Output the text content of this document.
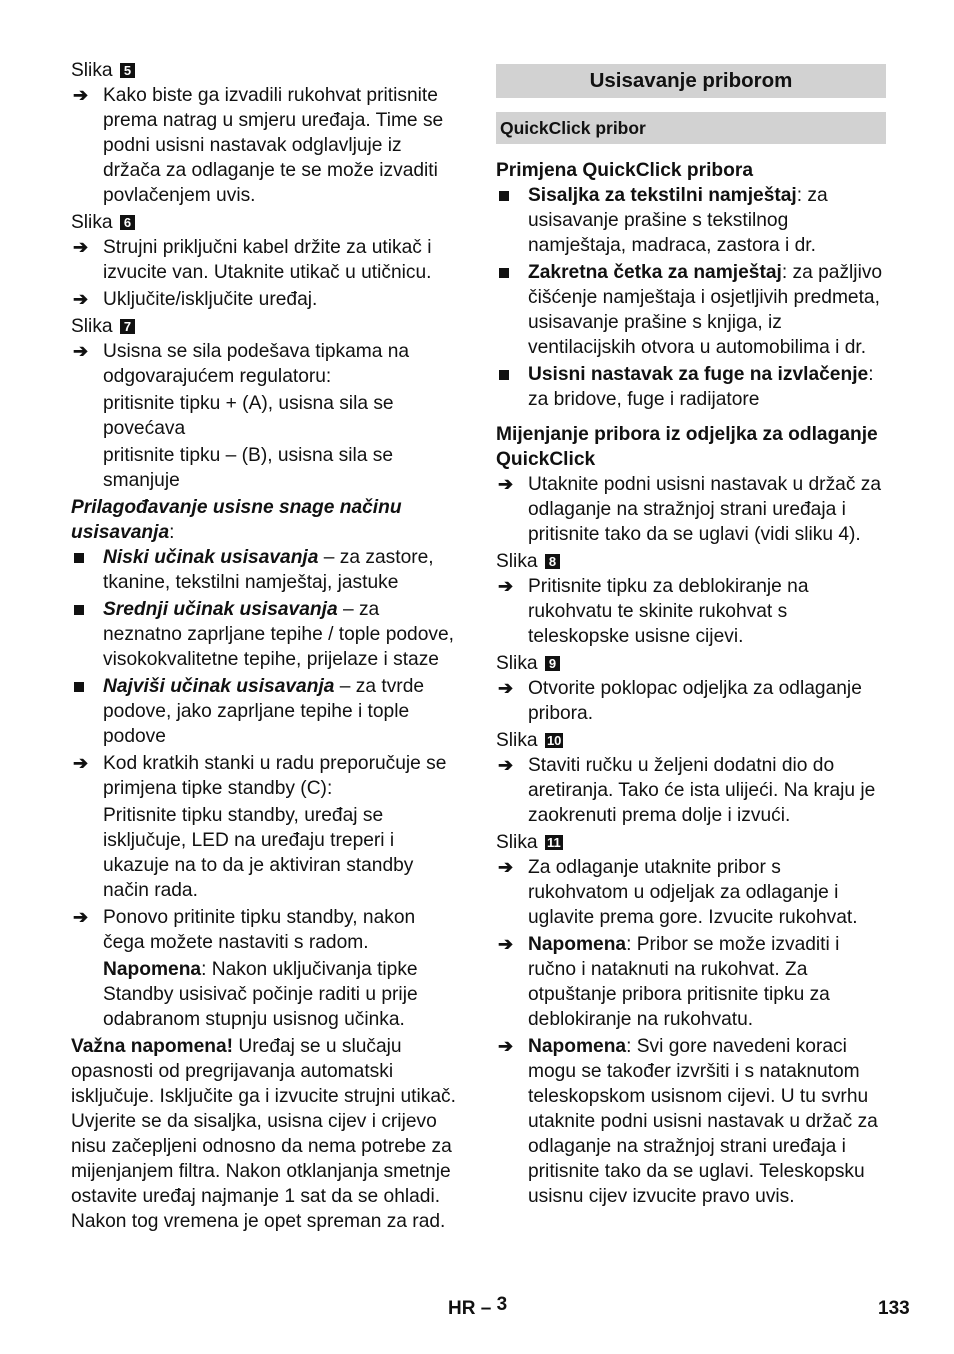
Slika 5

➔ Kako biste ga izvadili rukohvat pritisnite prema natrag u smjeru uređaja. Time se podni usisni nastavak odglavljuje iz držača za odlaganje te se može izvaditi povlačenjem uvis.

Slika 6

➔ Strujni priključni kabel držite za utikač i izvucite van. Utaknite utikač u utičnicu.
➔ Uključite/isključite uređaj.

Slika 7

➔ Usisna se sila podešava tipkama na odgovarajućem regulatoru:

pritisnite tipku + (A), usisna sila se povećava

pritisnite tipku – (B), usisna sila se smanjuje

Prilagođavanje usisne snage načinu usisavanja:

Niski učinak usisavanja – za zastore, tkanine, tekstilni namještaj, jastuke
Srednji učinak usisavanja – za neznatno zaprljane tepihe / tople podove, visokokvalitetne tepihe, prijelaze i staze
Najviši učinak usisavanja – za tvrde podove, jako zaprljane tepihe i tople podove
➔ Kod kratkih stanki u radu preporučuje se primjena tipke standby (C):

Pritisnite tipku standby, uređaj se isključuje, LED na uređaju treperi i ukazuje na to da je aktiviran standby način rada.

➔ Ponovo pritinite tipku standby, nakon čega možete nastaviti s radom.

Napomena: Nakon uključivanja tipke Standby usisivač počinje raditi u prije odabranom stupnju usisnog učinka.

Važna napomena! Uređaj se u slučaju opasnosti od pregrijavanja automatski isključuje. Isključite ga i izvucite strujni utikač. Uvjerite se da sisaljka, usisna cijev i crijevo nisu začepljeni odnosno da nema potrebe za mijenjanjem filtra. Nakon otklanjanja smetnje ostavite uređaj najmanje 1 sat da se ohladi. Nakon tog vremena je opet spreman za rad.

Usisavanje priborom
QuickClick pribor

Primjena QuickClick pribora

Sisaljka za tekstilni namještaj: za usisavanje prašine s tekstilnog namještaja, madraca, zastora i dr.
Zakretna četka za namještaj: za pažljivo čišćenje namještaja i osjetljivih predmeta, usisavanje prašine s knjiga, iz ventilacijskih otvora u automobilima i dr.
Usisni nastavak za fuge na izvlačenje: za bridove, fuge i radijatore

Mijenjanje pribora iz odjeljka za odlaganje QuickClick

➔ Utaknite podni usisni nastavak u držač za odlaganje na stražnjoj strani uređaja i pritisnite tako da se uglavi (vidi sliku 4).

Slika 8

➔ Pritisnite tipku za deblokiranje na rukohvatu te skinite rukohvat s teleskopske usisne cijevi.

Slika 9

➔ Otvorite poklopac odjeljka za odlaganje pribora.

Slika 10

➔ Staviti ručku u željeni dodatni dio do aretiranja. Tako će ista ulijeći. Na kraju je zaokrenuti prema dolje i izvući.

Slika 11

➔ Za odlaganje utaknite pribor s rukohvatom u odjeljak za odlaganje i uglavite prema gore. Izvucite rukohvat.
➔ Napomena: Pribor se može izvaditi i ručno i nataknuti na rukohvat. Za otpuštanje pribora pritisnite tipku za deblokiranje na rukohvatu.
➔ Napomena: Svi gore navedeni koraci mogu se također izvršiti i s nataknutom teleskopskom usisnom cijevi. U tu svrhu utaknite podni usisni nastavak u držač za odlaganje na stražnjoj strani uređaja i pritisnite tako da se uglavi. Teleskopsku usisnu cijev izvucite pravo uvis.
HR – 3	133
